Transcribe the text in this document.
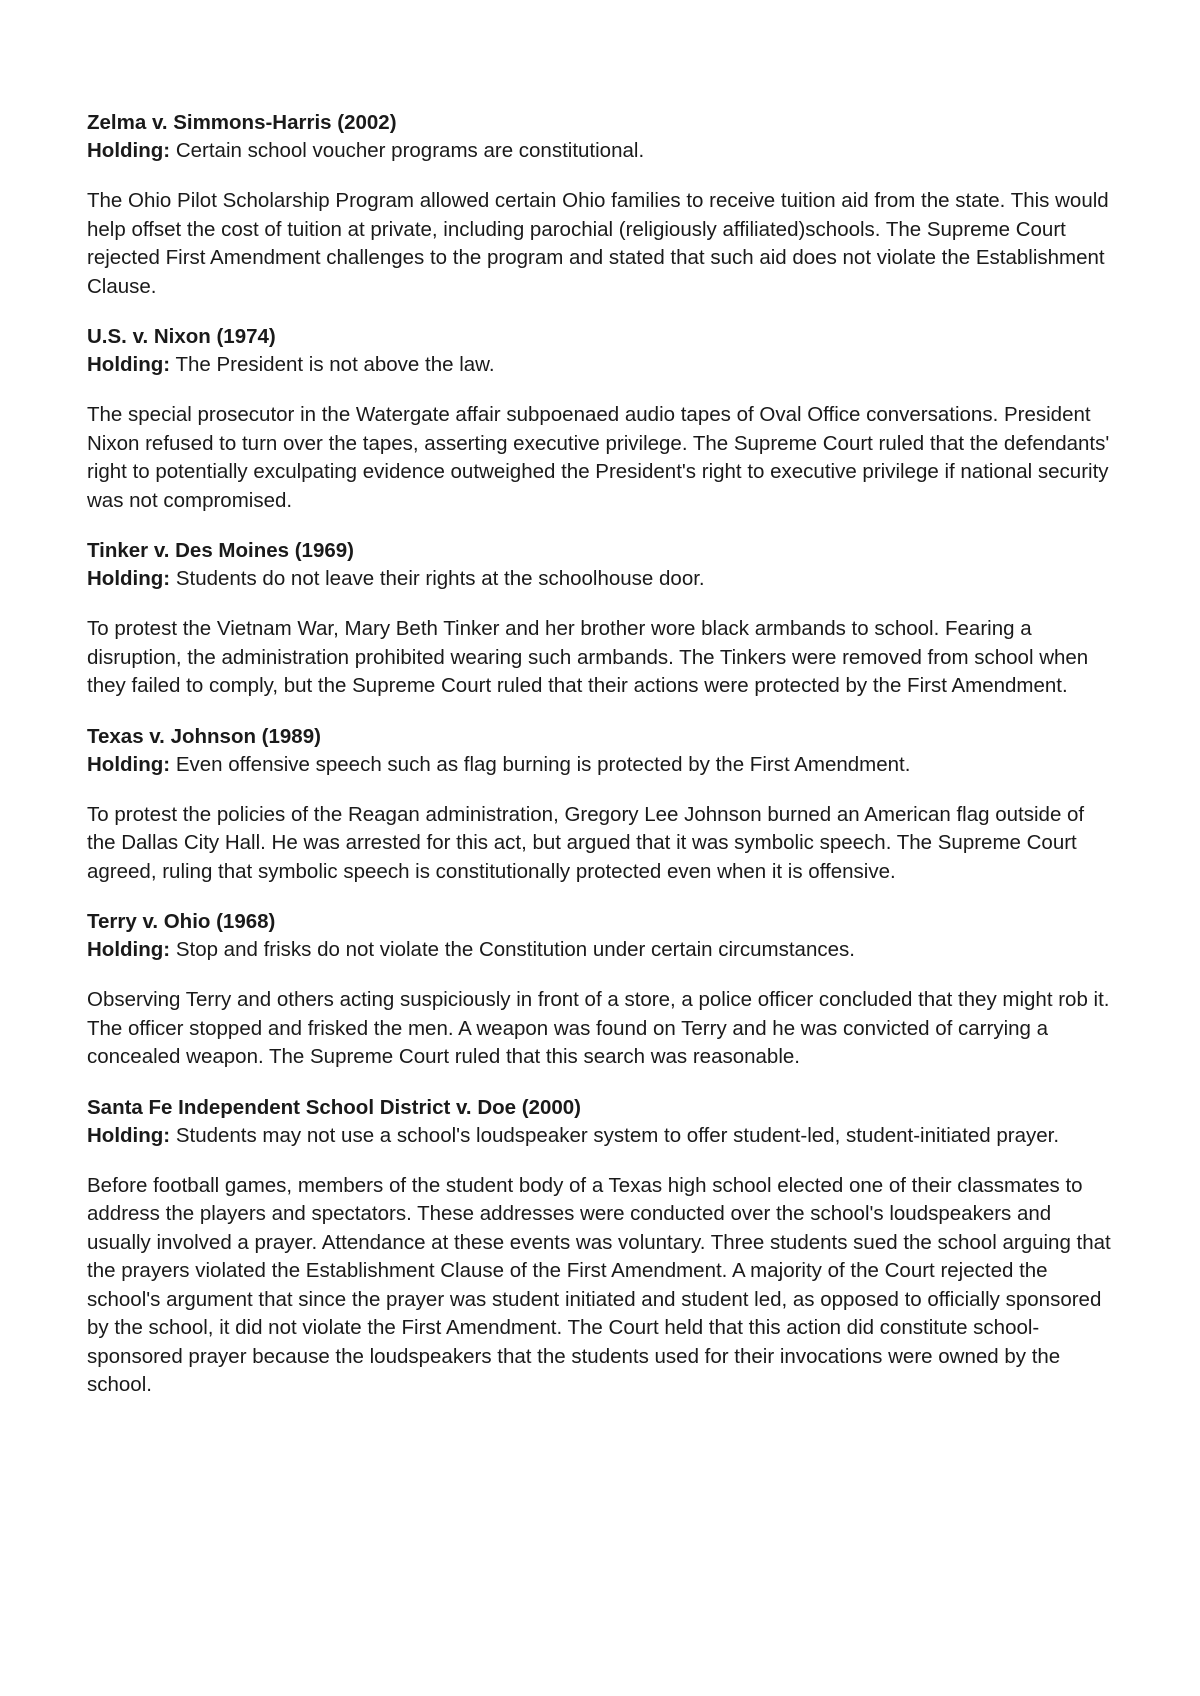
Zelma v. Simmons-Harris (2002)

Holding: Certain school voucher programs are constitutional.

The Ohio Pilot Scholarship Program allowed certain Ohio families to receive tuition aid from the state. This would help offset the cost of tuition at private, including parochial (religiously affiliated)schools. The Supreme Court rejected First Amendment challenges to the program and stated that such aid does not violate the Establishment Clause.

U.S. v. Nixon (1974)

Holding: The President is not above the law.

The special prosecutor in the Watergate affair subpoenaed audio tapes of Oval Office conversations. President Nixon refused to turn over the tapes, asserting executive privilege. The Supreme Court ruled that the defendants' right to potentially exculpating evidence outweighed the President's right to executive privilege if national security was not compromised.

Tinker v. Des Moines (1969)

Holding: Students do not leave their rights at the schoolhouse door.

To protest the Vietnam War, Mary Beth Tinker and her brother wore black armbands to school. Fearing a disruption, the administration prohibited wearing such armbands. The Tinkers were removed from school when they failed to comply, but the Supreme Court ruled that their actions were protected by the First Amendment.

Texas v. Johnson (1989)

Holding: Even offensive speech such as flag burning is protected by the First Amendment.

To protest the policies of the Reagan administration, Gregory Lee Johnson burned an American flag outside of the Dallas City Hall. He was arrested for this act, but argued that it was symbolic speech. The Supreme Court agreed, ruling that symbolic speech is constitutionally protected even when it is offensive.

Terry v. Ohio (1968)

Holding: Stop and frisks do not violate the Constitution under certain circumstances.

Observing Terry and others acting suspiciously in front of a store, a police officer concluded that they might rob it. The officer stopped and frisked the men. A weapon was found on Terry and he was convicted of carrying a concealed weapon. The Supreme Court ruled that this search was reasonable.

Santa Fe Independent School District v. Doe (2000)

Holding: Students may not use a school's loudspeaker system to offer student-led, student-initiated prayer.

Before football games, members of the student body of a Texas high school elected one of their classmates to address the players and spectators. These addresses were conducted over the school's loudspeakers and usually involved a prayer. Attendance at these events was voluntary. Three students sued the school arguing that the prayers violated the Establishment Clause of the First Amendment. A majority of the Court rejected the school's argument that since the prayer was student initiated and student led, as opposed to officially sponsored by the school, it did not violate the First Amendment. The Court held that this action did constitute school-sponsored prayer because the loudspeakers that the students used for their invocations were owned by the school.
